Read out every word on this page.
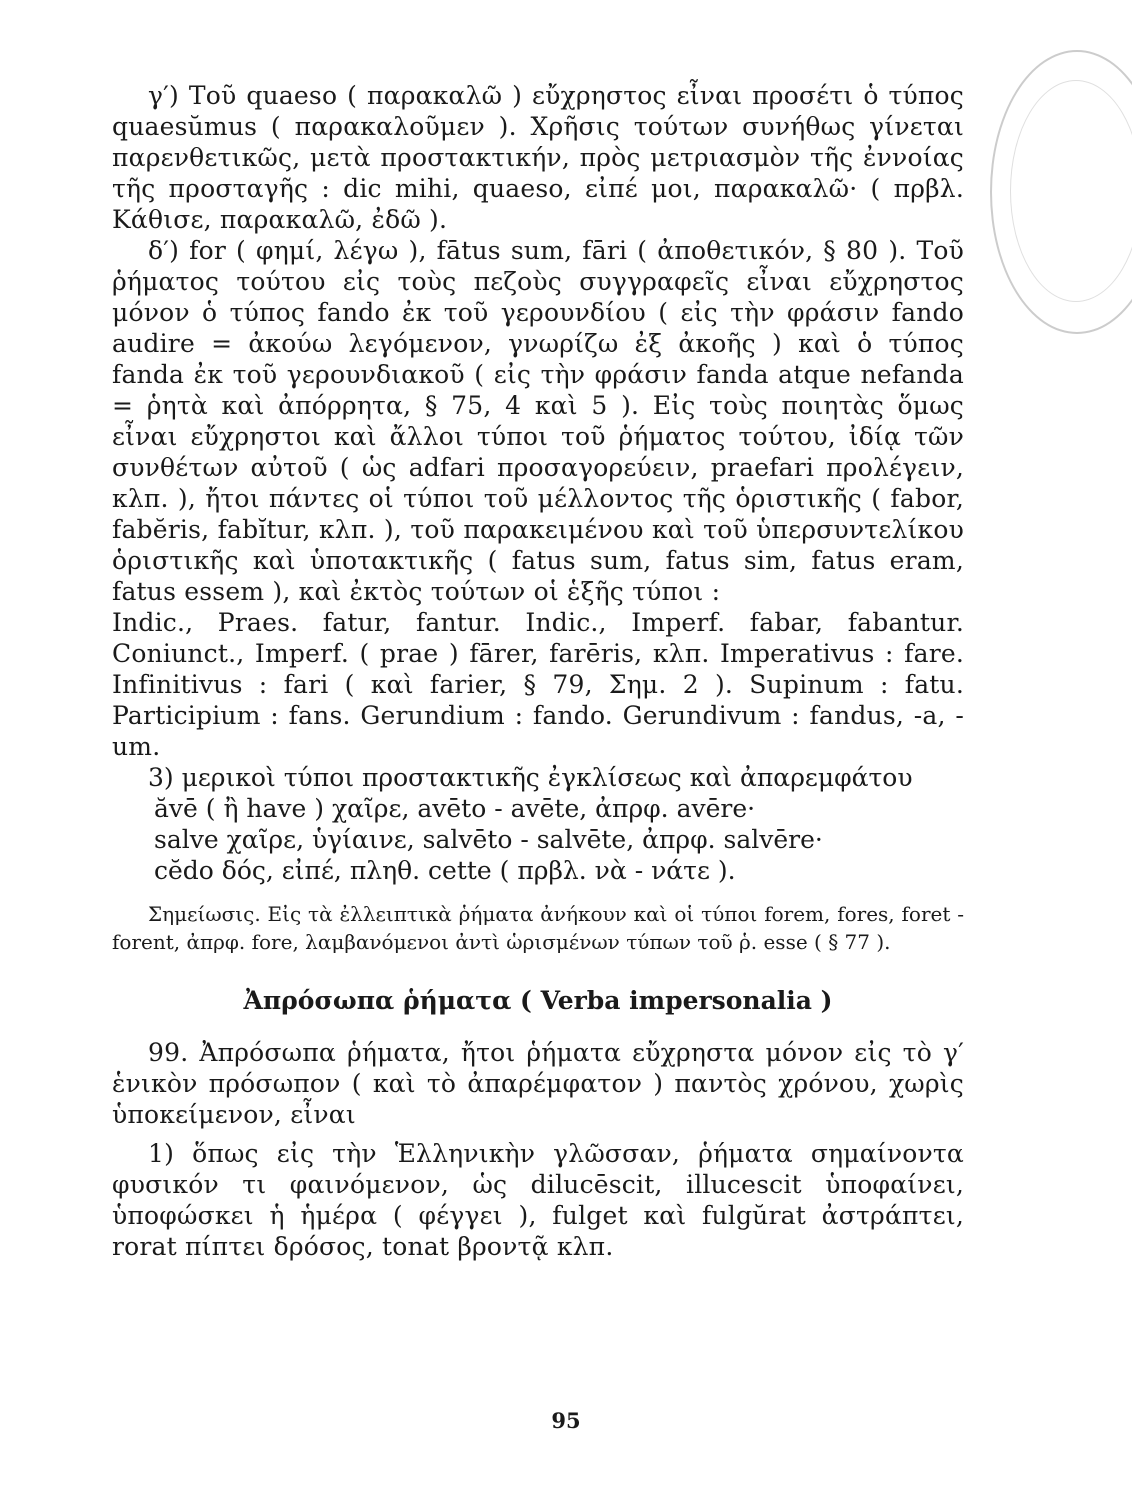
γ′) Τοῦ quaeso ( παρακαλῶ ) εὔχρηστος εἶναι προσέτι ὁ τύπος quaesŭmus ( παρακαλοῦμεν ). Χρῆσις τούτων συνήθως γίνεται παρενθετικῶς, μετὰ προστακτικήν, πρὸς μετριασμὸν τῆς ἐννοίας τῆς προσταγῆς : dic mihi, quaeso, εἰπέ μοι, παρακαλῶ· ( πρβλ. Κάθισε, παρακαλῶ, ἐδῶ ).

δ′) for ( φημί, λέγω ), fātus sum, fāri ( ἀποθετικόν, § 80 ). Τοῦ ῥήματος τούτου εἰς τοὺς πεζοὺς συγγραφεῖς εἶναι εὔχρηστος μόνον ὁ τύπος fando ἐκ τοῦ γερουνδίου ( εἰς τὴν φράσιν fando audire = ἀκούω λεγόμενον, γνωρίζω ἐξ ἀκοῆς ) καὶ ὁ τύπος fanda ἐκ τοῦ γερουνδιακοῦ ( εἰς τὴν φράσιν fanda atque nefanda = ῥητὰ καὶ ἀπόρρητα, § 75, 4 καὶ 5 ). Εἰς τοὺς ποιητὰς ὅμως εἶναι εὔχρηστοι καὶ ἄλλοι τύποι τοῦ ῥήματος τούτου, ἰδίᾳ τῶν συνθέτων αὐτοῦ ( ὡς adfari προσαγορεύειν, praefari προλέγειν, κλπ. ), ἤτοι πάντες οἱ τύποι τοῦ μέλλοντος τῆς ὁριστικῆς ( fabor, fabĕris, fabĭtur, κλπ. ), τοῦ παρακειμένου καὶ τοῦ ὑπερσυντελίκου ὁριστικῆς καὶ ὑποτακτικῆς ( fatus sum, fatus sim, fatus eram, fatus essem ), καὶ ἐκτὸς τούτων οἱ ἑξῆς τύποι :

Indic., Praes. fatur, fantur. Indic., Imperf. fabar, fabantur. Coniunct., Imperf. ( prae ) fārer, farēris, κλπ. Imperativus : fare. Infinitivus : fari ( καὶ farier, § 79, Σημ. 2 ). Supinum : fatu. Participium : fans. Gerundium : fando. Gerundivum : fandus, -a, -um.

3) μερικοὶ τύποι προστακτικῆς ἐγκλίσεως καὶ ἀπαρεμφάτου

ăvē ( ἢ have ) χαῖρε, avēto - avēte, ἀπρφ. avēre·

salve χαῖρε, ὑγίαινε, salvēto - salvēte, ἀπρφ. salvēre·

cĕdo δός, εἰπέ, πληθ. cette ( πρβλ. νὰ - νάτε ).

Σημείωσις. Εἰς τὰ ἐλλειπτικὰ ῥήματα ἀνήκουν καὶ οἱ τύποι forem, fores, foret - forent, ἀπρφ. fore, λαμβανόμενοι ἀντὶ ὡρισμένων τύπων τοῦ ῥ. esse ( § 77 ).

Ἀπρόσωπα ῥήματα ( Verba impersonalia )

99. Ἀπρόσωπα ῥήματα, ἤτοι ῥήματα εὔχρηστα μόνον εἰς τὸ γ′ ἑνικὸν πρόσωπον ( καὶ τὸ ἀπαρέμφατον ) παντὸς χρόνου, χωρὶς ὑποκείμενον, εἶναι

1) ὅπως εἰς τὴν Ἑλληνικὴν γλῶσσαν, ῥήματα σημαίνοντα φυσικόν τι φαινόμενον, ὡς dilucēscit, illucescit ὑποφαίνει, ὑποφώσκει ἡ ἡμέρα ( φέγγει ), fulget καὶ fulgŭrat ἀστράπτει, rorat πίπτει δρόσος, tonat βροντᾷ κλπ.

95
